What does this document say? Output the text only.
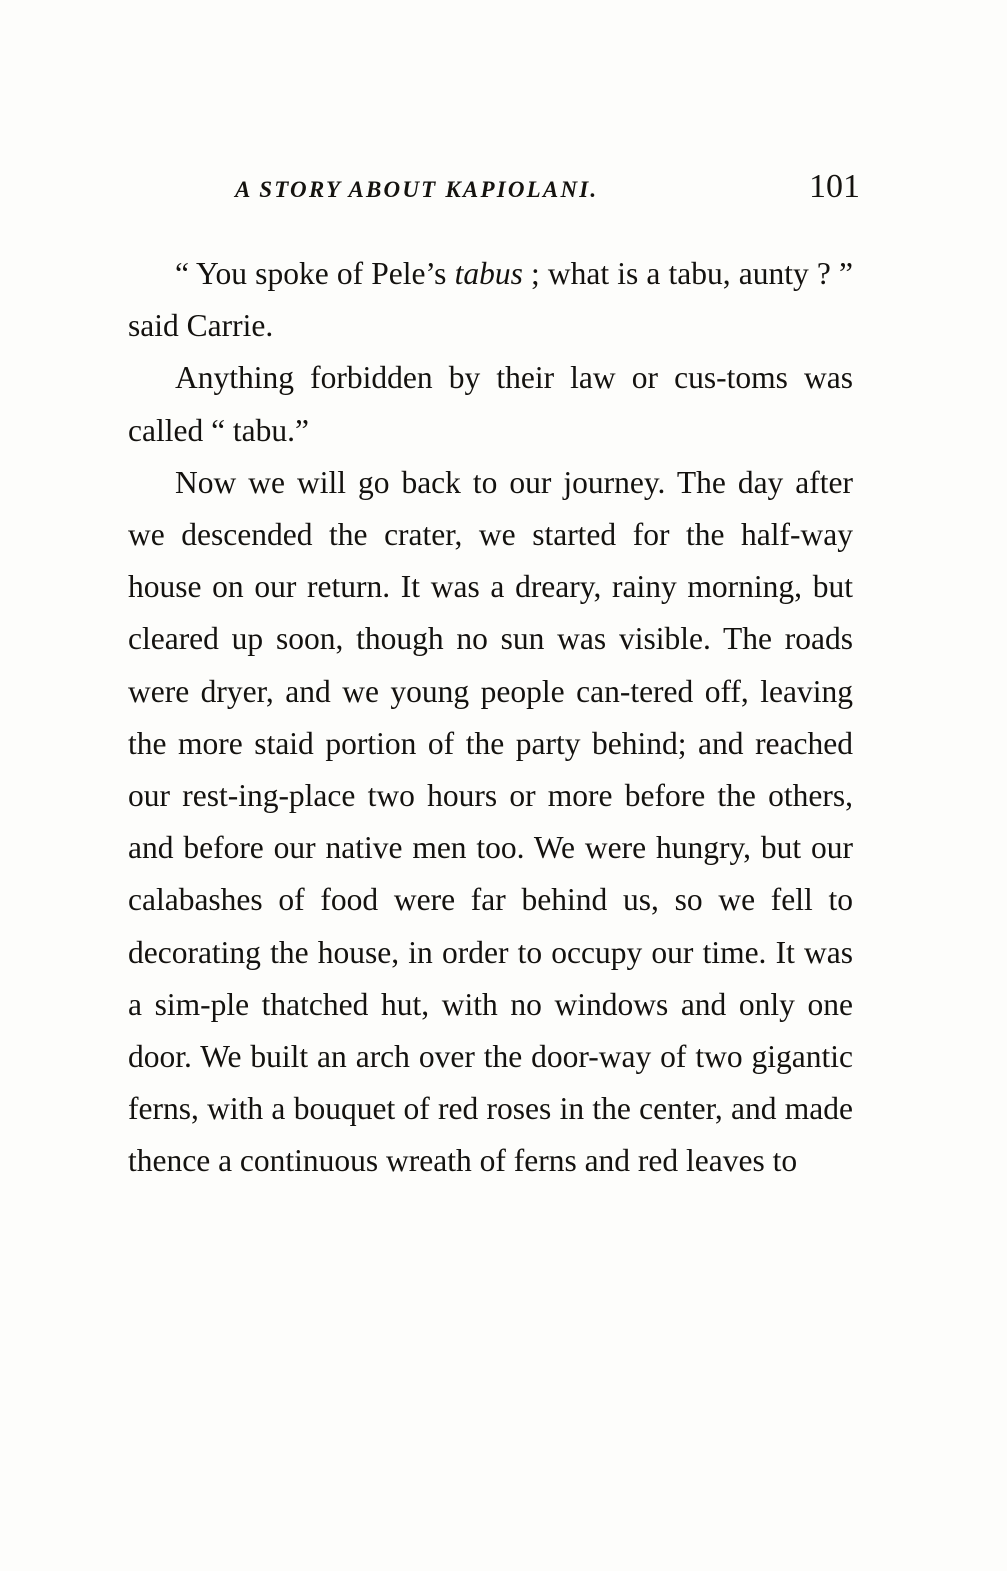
A STORY ABOUT KAPIOLANI.	101

“ You spoke of Pele’s tabus ; what is a tabu, aunty ? ” said Carrie.

Anything forbidden by their law or cus-toms was called “ tabu.”

Now we will go back to our journey. The day after we descended the crater, we started for the half-way house on our return. It was a dreary, rainy morning, but cleared up soon, though no sun was visible. The roads were dryer, and we young people can-tered off, leaving the more staid portion of the party behind; and reached our rest-ing-place two hours or more before the others, and before our native men too. We were hungry, but our calabashes of food were far behind us, so we fell to decorating the house, in order to occupy our time. It was a sim-ple thatched hut, with no windows and only one door. We built an arch over the door-way of two gigantic ferns, with a bouquet of red roses in the center, and made thence a continuous wreath of ferns and red leaves to
